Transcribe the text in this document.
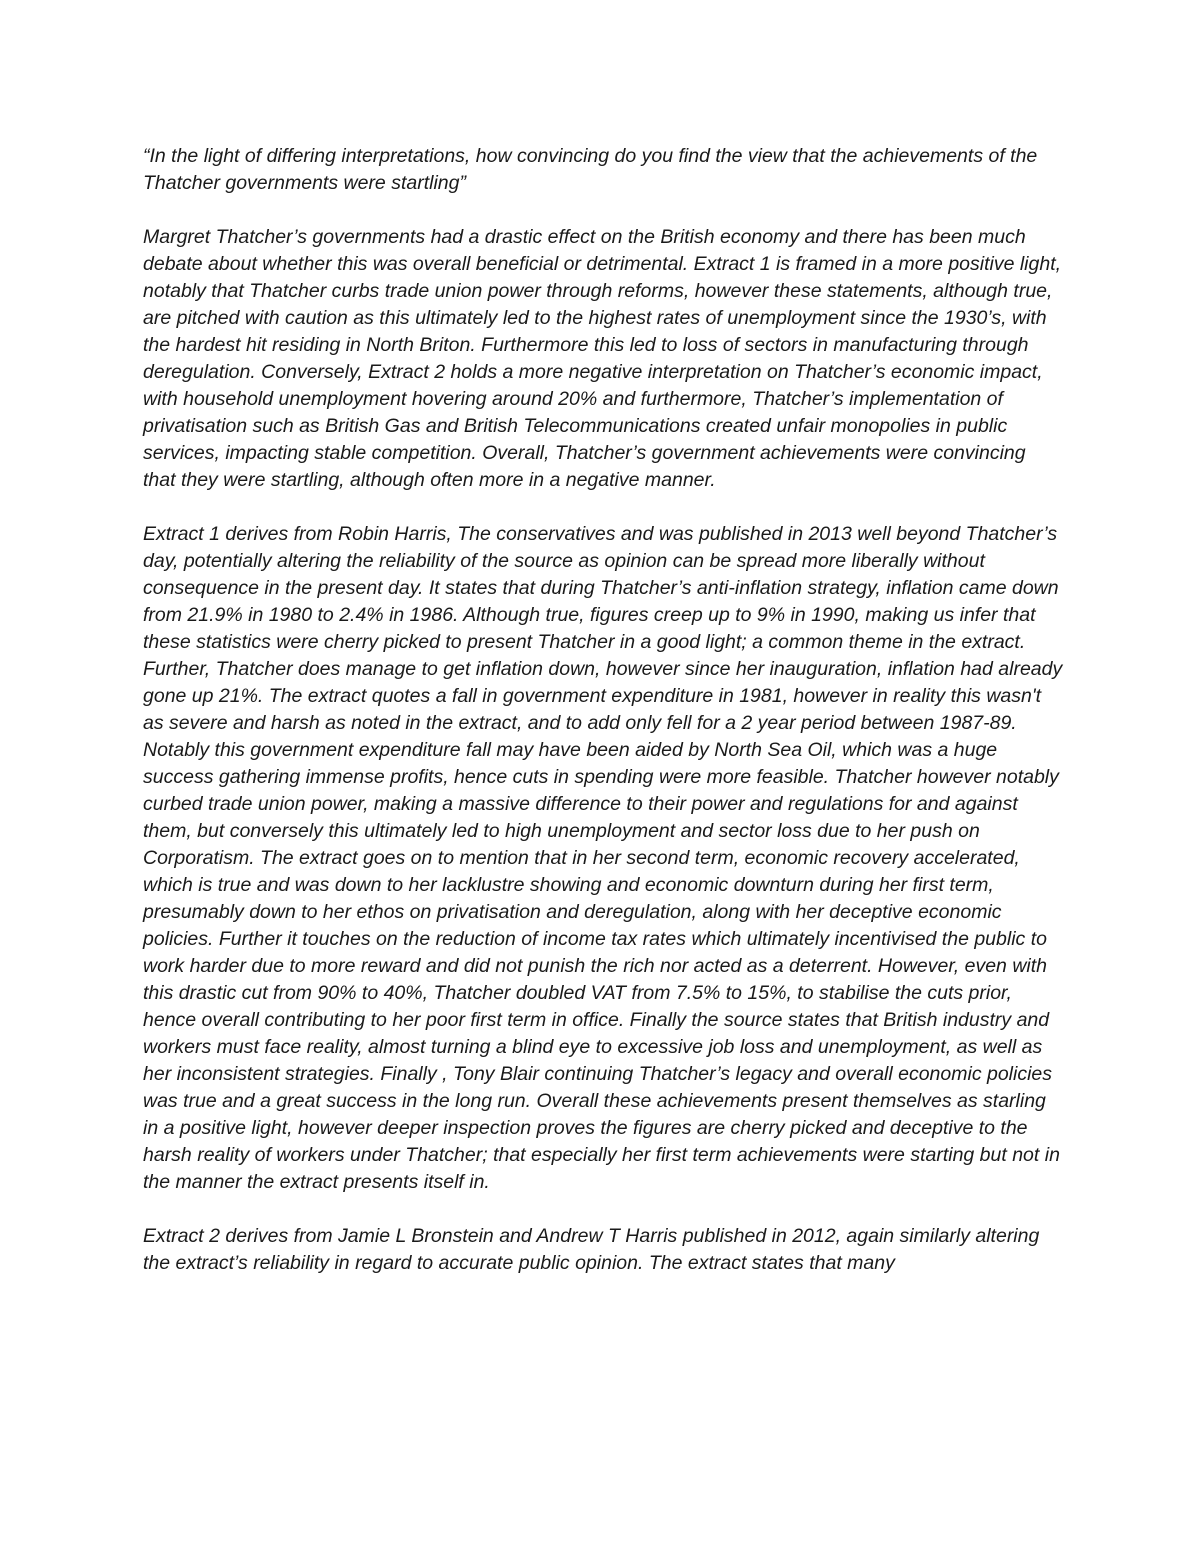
“In the light of differing interpretations, how convincing do you find the view that the achievements of the Thatcher governments were startling”

Margret Thatcher’s governments had a drastic effect on the British economy and there has been much debate about whether this was overall beneficial or detrimental. Extract 1 is framed in a more positive light, notably that Thatcher curbs trade union power through reforms, however these statements, although true, are pitched with caution as this ultimately led to the highest rates of unemployment since the 1930’s, with the hardest hit residing in North Briton. Furthermore this led to loss of sectors in manufacturing through deregulation. Conversely, Extract 2 holds a more negative interpretation on Thatcher’s economic impact, with household unemployment hovering around 20% and furthermore, Thatcher’s implementation of privatisation such as British Gas and British Telecommunications created unfair monopolies in public services, impacting stable competition. Overall, Thatcher’s government achievements were convincing that they were startling, although often more in a negative manner.

Extract 1 derives from Robin Harris, The conservatives and was published in 2013 well beyond Thatcher’s day, potentially altering the reliability of the source as opinion can be spread more liberally without consequence in the present day. It states that during Thatcher’s anti-inflation strategy, inflation came down from 21.9% in 1980 to 2.4% in 1986. Although true, figures creep up to 9% in 1990, making us infer that these statistics were cherry picked to present Thatcher in a good light; a common theme in the extract. Further, Thatcher does manage to get inflation down, however since her inauguration, inflation had already gone up 21%. The extract quotes a fall in government expenditure in 1981, however in reality this wasn't as severe and harsh as noted in the extract, and to add only fell for a 2 year period between 1987-89. Notably this government expenditure fall may have been aided by North Sea Oil, which was a huge success gathering immense profits, hence cuts in spending were more feasible. Thatcher however notably curbed trade union power, making a massive difference to their power and regulations for and against them, but conversely this ultimately led to high unemployment and sector loss due to her push on Corporatism. The extract goes on to mention that in her second term, economic recovery accelerated, which is true and was down to her lacklustre showing and economic downturn during her first term, presumably down to her ethos on privatisation and deregulation, along with her deceptive economic policies. Further it touches on the reduction of income tax rates which ultimately incentivised the public to work harder due to more reward and did not punish the rich nor acted as a deterrent. However, even with this drastic cut from 90% to 40%, Thatcher doubled VAT from 7.5% to 15%, to stabilise the cuts prior, hence overall contributing to her poor first term in office. Finally the source states that British industry and workers must face reality, almost turning a blind eye to excessive job loss and unemployment, as well as her inconsistent strategies. Finally , Tony Blair continuing Thatcher’s legacy and overall economic policies was true and a great success in the long run. Overall these achievements present themselves as starling in a positive light, however deeper inspection proves the figures are cherry picked and deceptive to the harsh reality of workers under Thatcher; that especially her first term achievements were starting but not in the manner the extract presents itself in.

Extract 2 derives from Jamie L Bronstein and Andrew T Harris published in 2012, again similarly altering the extract’s reliability in regard to accurate public opinion. The extract states that many
